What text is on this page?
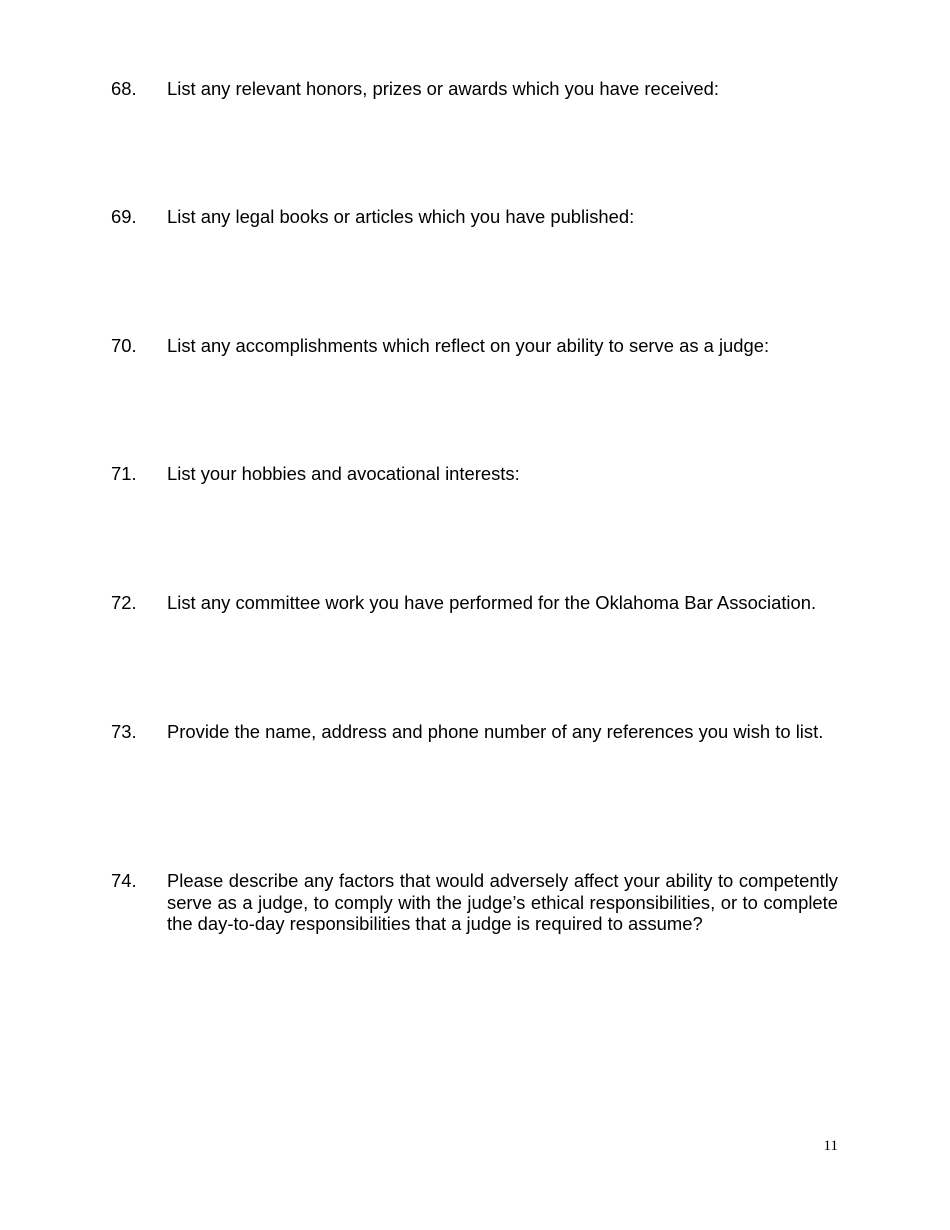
68.	List any relevant honors, prizes or awards which you have received:
69.	List any legal books or articles which you have published:
70.	List any accomplishments which reflect on your ability to serve as a judge:
71.	List your hobbies and avocational interests:
72.	List any committee work you have performed for the Oklahoma Bar Association.
73.	Provide the name, address and phone number of any references you wish to list.
74.	Please describe any factors that would adversely affect your ability to competently serve as a judge, to comply with the judge’s ethical responsibilities, or to complete the day-to-day responsibilities that a judge is required to assume?
11
